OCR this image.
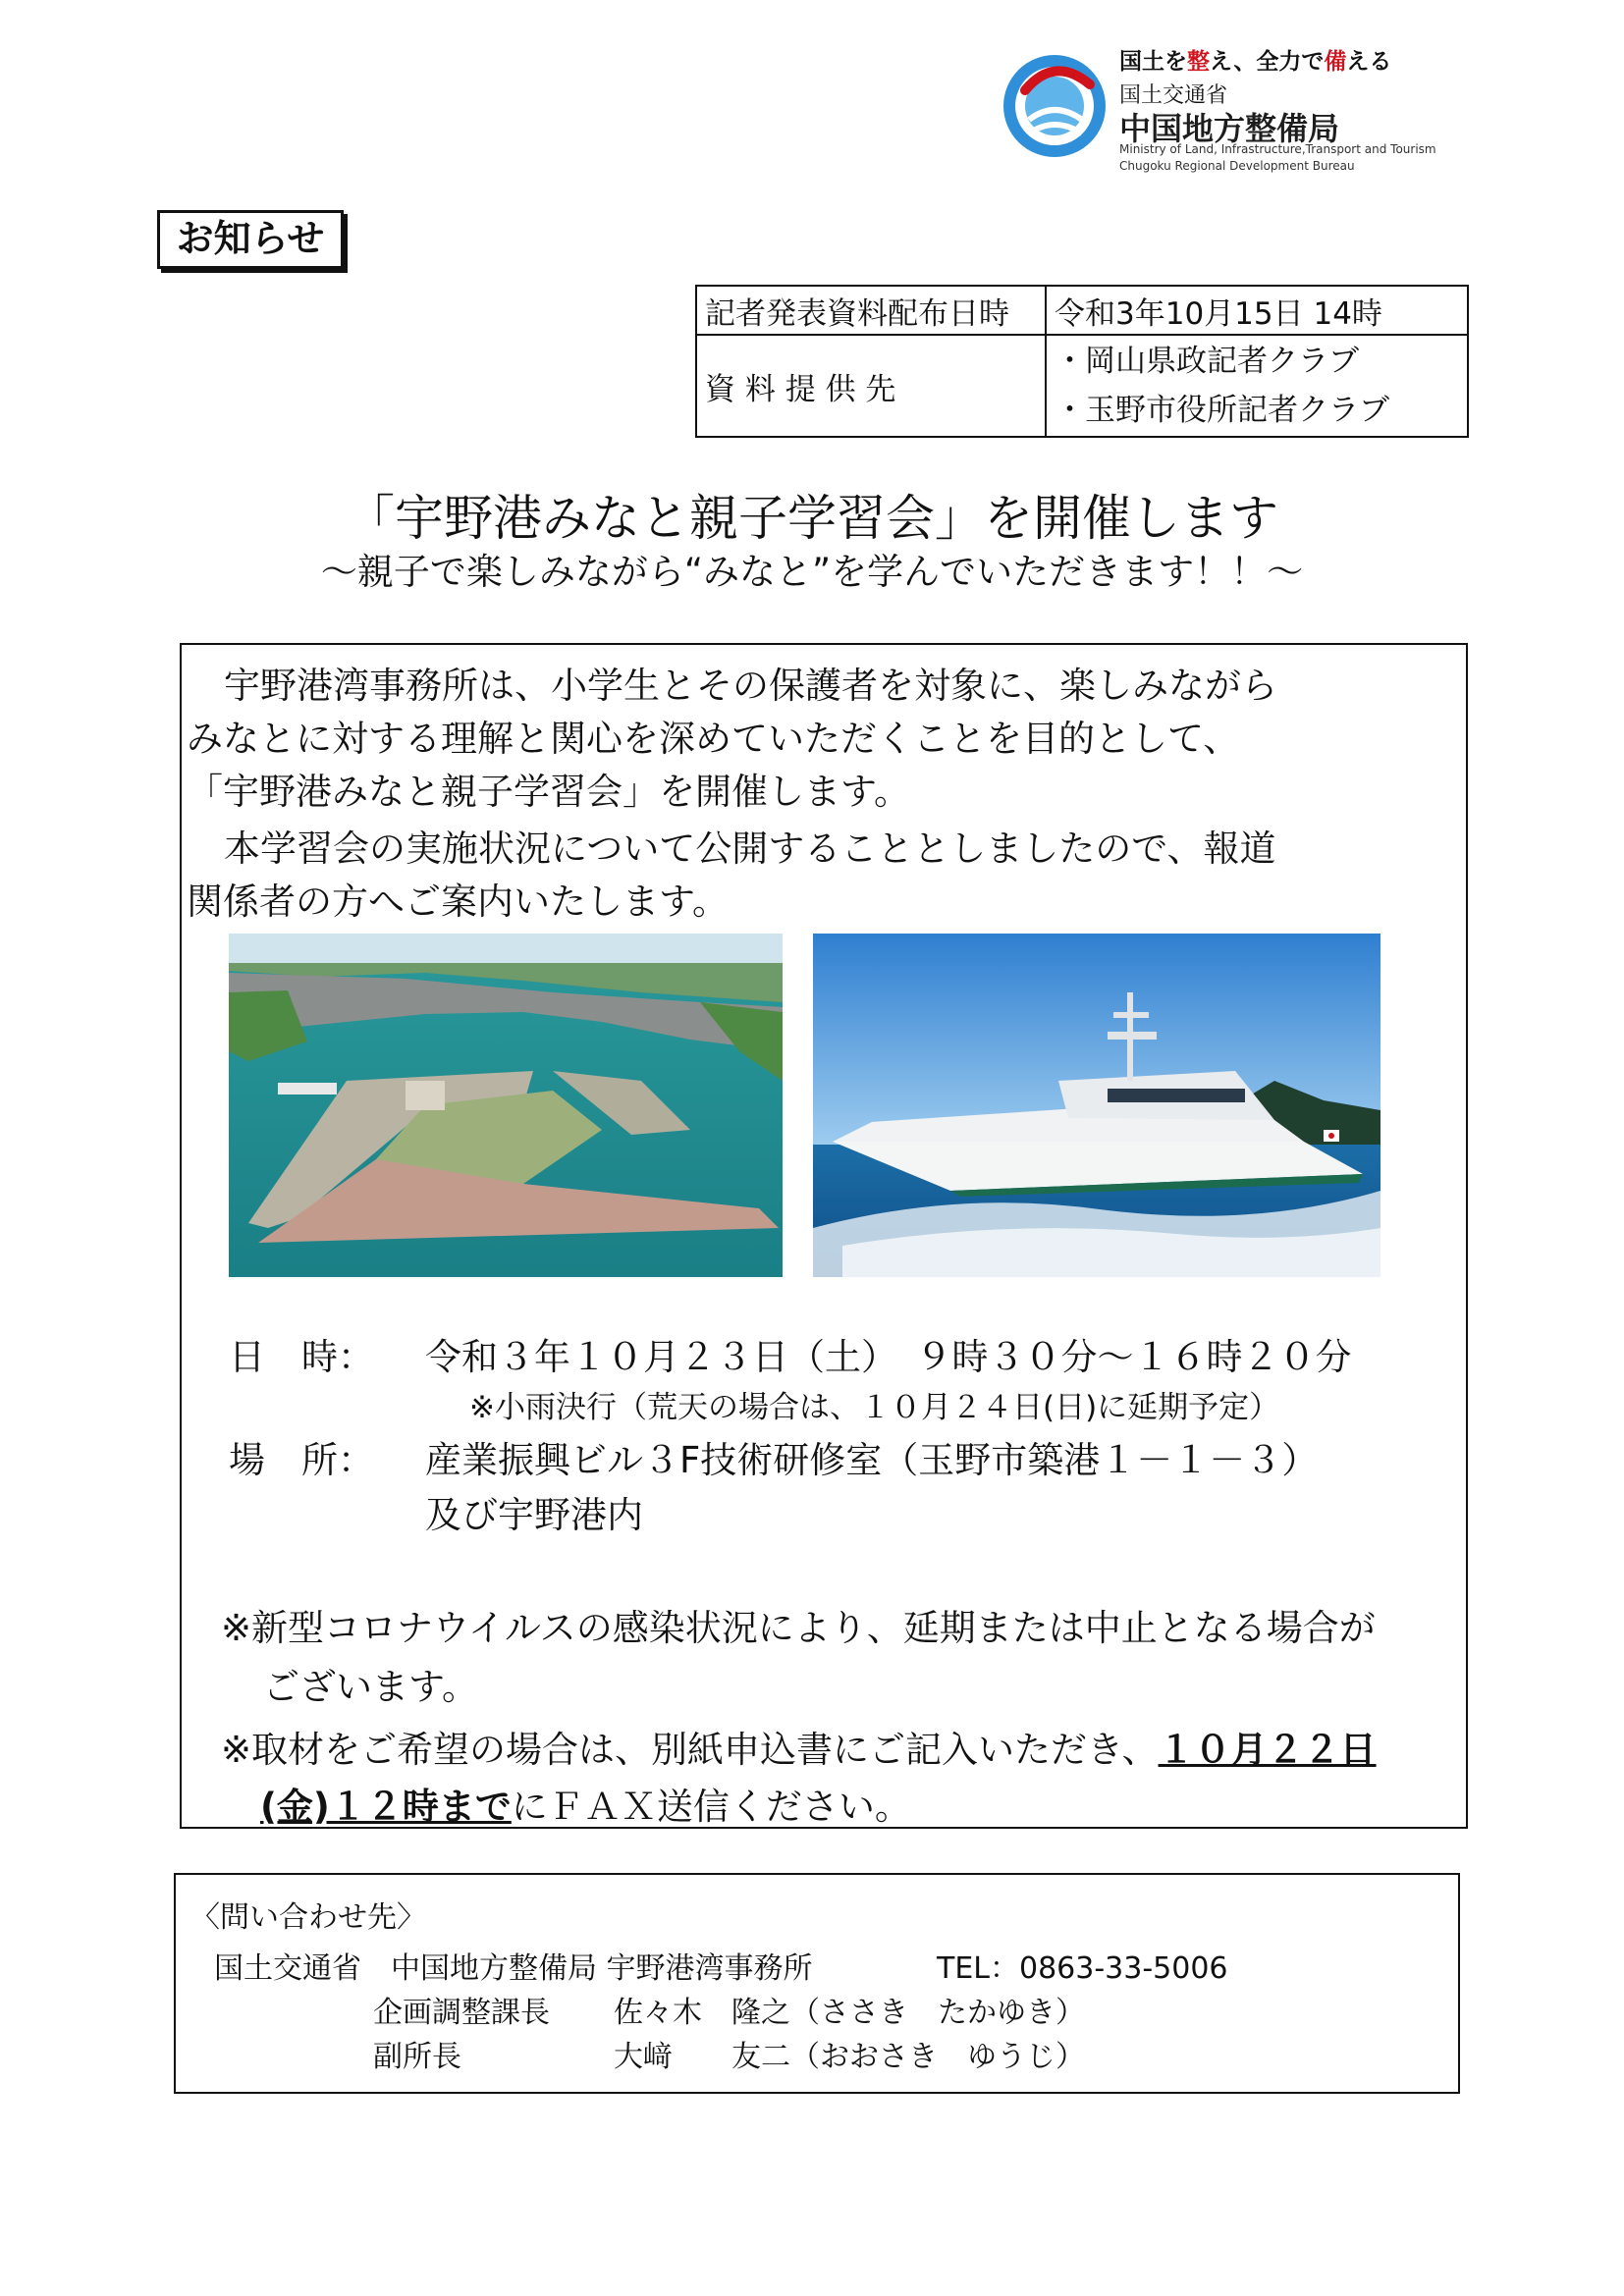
国土を整え、全力で備える
国土交通省
中国地方整備局
Ministry of Land, Infrastructure,Transport and Tourism
Chugoku Regional Development Bureau
お知らせ
記者発表資料配布日時	令和3年10月15日 14時
資 料 提 供 先	・岡山県政記者クラブ
・玉野市役所記者クラブ
「宇野港みなと親子学習会」を開催します
～親子で楽しみながら“みなと”を学んでいただきます！！～
宇野港湾事務所は、小学生とその保護者を対象に、楽しみながら
みなとに対する理解と関心を深めていただくことを目的として、
「宇野港みなと親子学習会」を開催します。
本学習会の実施状況について公開することとしましたので、報道
関係者の方へご案内いたします。
日　時： 令和３年１０月２３日（土）　９時３０分～１６時２０分
※小雨決行（荒天の場合は、１０月２４日(日)に延期予定）
場　所： 産業振興ビル３F技術研修室（玉野市築港１－１－３）
及び宇野港内
※新型コロナウイルスの感染状況により、延期または中止となる場合が
ございます。
※取材をご希望の場合は、別紙申込書にご記入いただき、１０月２２日
(金)１２時までにＦＡＸ送信ください。
〈問い合わせ先〉
国土交通省　中国地方整備局 宇野港湾事務所	TEL：0863-33-5006
企画調整課長 佐々木　隆之（ささき　たかゆき）
副所長	大﨑　　友二（おおさき　ゆうじ）
